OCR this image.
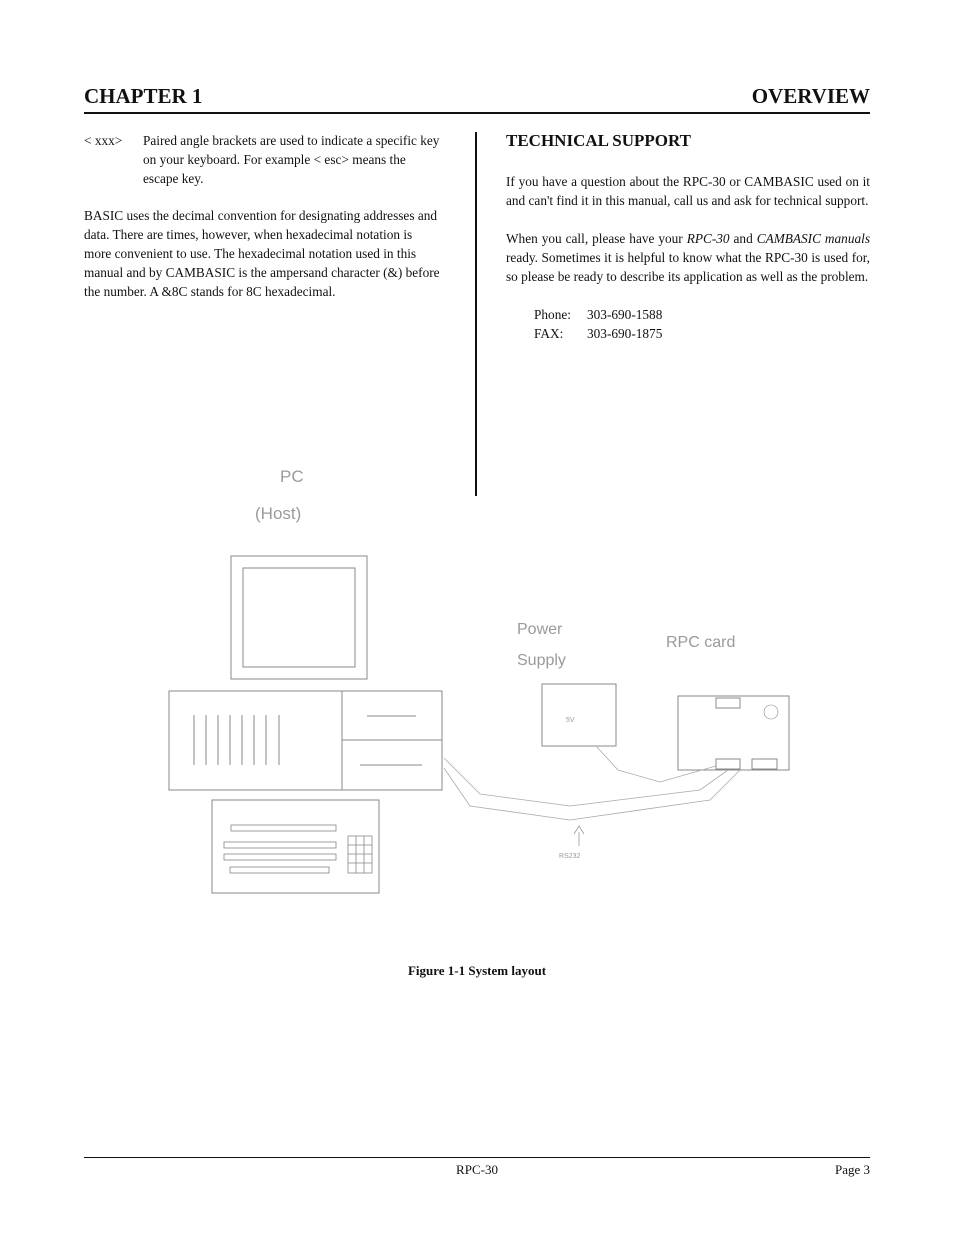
CHAPTER 1	OVERVIEW
< xxx>	Paired angle brackets are used to indicate a specific key on your keyboard. For example < esc> means the escape key.

BASIC uses the decimal convention for designating addresses and data. There are times, however, when hexadecimal notation is more convenient to use. The hexadecimal notation used in this manual and by CAMBASIC is the ampersand character (&) before the number. A &8C stands for 8C hexadecimal.

TECHNICAL SUPPORT

If you have a question about the RPC-30 or CAMBASIC used on it and can't find it in this manual, call us and ask for technical support.

When you call, please have your RPC-30 and CAMBASIC manuals ready. Sometimes it is helpful to know what the RPC-30 is used for, so please be ready to describe its application as well as the problem.

Phone:	303-690-1588
FAX:	303-690-1875
PC
(Host)
Power
Supply
RPC card
5V
RS232
Figure 1-1 System layout
RPC-30	Page 3
